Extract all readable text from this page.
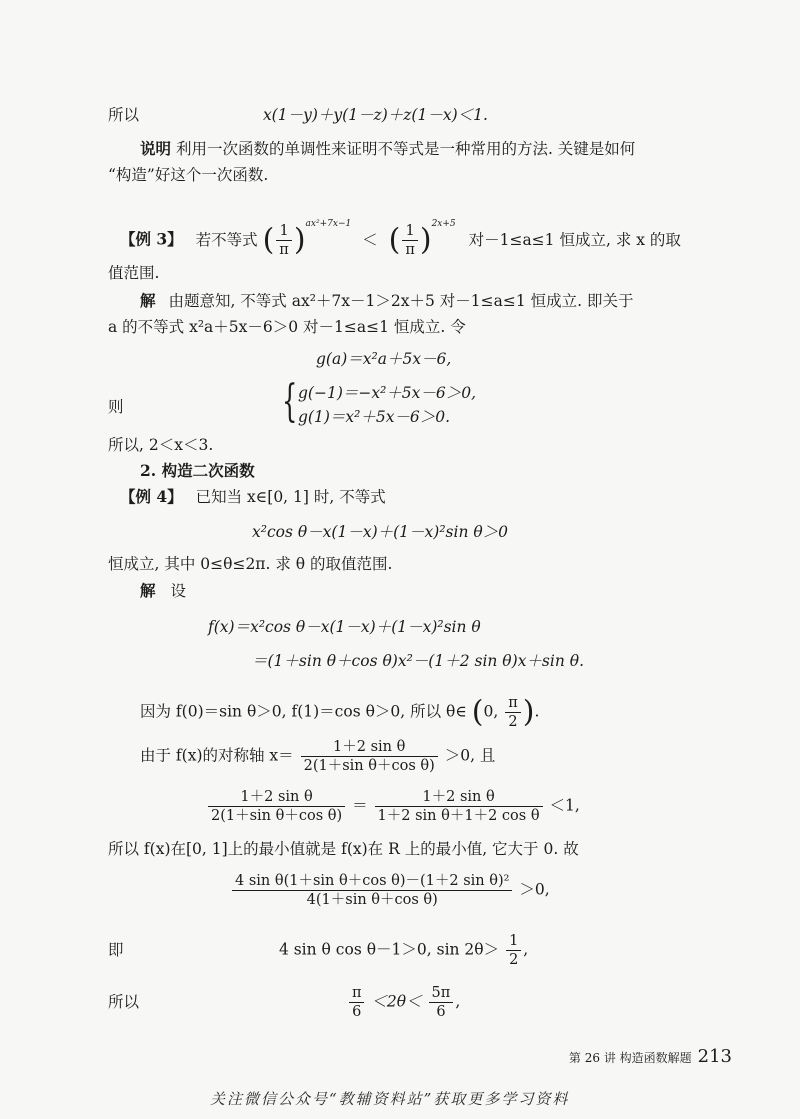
所以	x(1－y)＋y(1－z)＋z(1－x)＜1.
说明 利用一次函数的单调性来证明不等式是一种常用的方法. 关键是如何
“构造”好这个一次函数.
【例 3】 若不等式 ( $\frac{1}{\pi} )^{ax^2+7x-1}$ ＜ ( $\frac{1}{\pi} )^{2x+5}$ 对－1≤a≤1 恒成立, 求 x 的取
值范围.
解 由题意知, 不等式 ax²＋7x－1＞2x＋5 对－1≤a≤1 恒成立. 即关于
a 的不等式 x²a＋5x－6＞0 对－1≤a≤1 恒成立. 令
g(a)＝x²a＋5x－6,
则	{ g(−1)＝−x²＋5x－6＞0,
g(1)＝x²＋5x－6＞0.
所以, 2＜x＜3.
2. 构造二次函数
【例 4】 已知当 x∈[0, 1] 时, 不等式
x²cos θ－x(1－x)＋(1－x)²sin θ＞0
恒成立, 其中 0≤θ≤2π. 求 θ 的取值范围.
解 设
f(x)＝x²cos θ－x(1－x)＋(1－x)²sin θ
＝(1＋sin θ＋cos θ)x²－(1＋2 sin θ)x＋sin θ.
因为 f(0)＝sin θ＞0, f(1)＝cos θ＞0, 所以 θ∈ (0, $\frac{\pi}{2}$ ).
由于 f(x)的对称轴 $x= \frac{\text{1＋2 sin θ}}{\text{2(1＋sin θ＋cos θ)}} >0$, 且
$\frac{\text{1＋2 sin θ}}{\text{2(1＋sin θ＋cos θ)}} = \frac{\text{1＋2 sin θ}}{\text{1＋2 sin θ＋1＋2 cos θ}} <1$,
所以 f(x)在[0, 1]上的最小值就是 f(x)在 R 上的最小值, 它大于 0. 故
$\frac{\text{4 sin θ(1＋sin θ＋cos θ)－(1＋2 sin θ)²}}{\text{4(1＋sin θ＋cos θ)}} >0$,
即	4 sin θ cos θ－1＞0, $\sin 2\theta> \frac{1}{2}$ ,
所以	$\frac{\pi}{6} <2\theta< \frac{5\pi}{6}$ ,
第 26 讲 构造函数解题 213
关注微信公众号“教辅资料站”获取更多学习资料
